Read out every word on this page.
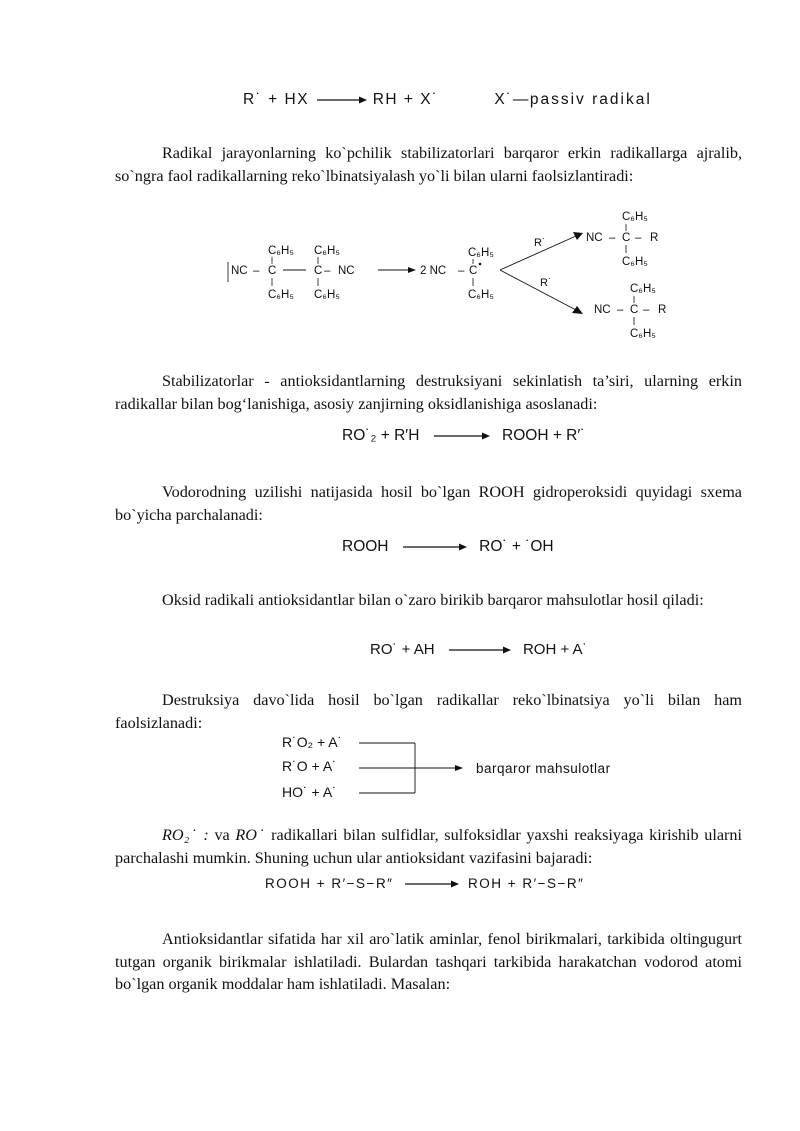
R˙ + HX → RH + X˙	X˙—passiv radikal

Radikal jarayonlarning ko`pchilik stabilizatorlari barqaror erkin radikallarga ajralib, so`ngra faol radikallarning reko`lbinatsiyalash yo`li bilan ularni faolsizlantiradi:

C₆H₅ C₆H₅
NC – C	C – NC
C₆H₅ C₆H₅
C₆H₅
2 NC – C
C₆H₅
R˙
R˙
C₆H₅
NC – C – R
C₆H₅
C₆H₅
NC – C – R
C₆H₅

Stabilizatorlar - antioksidantlarning destruksiyani sekinlatish ta’siri, ularning erkin radikallar bilan bog‘lanishiga, asosiy zanjirning oksidlanishiga asoslanadi:

RO˙₂ + R′H → ROOH + R′˙

Vodorodning uzilishi natijasida hosil bo`lgan ROOH gidroperoksidi quyidagi sxema bo`yicha parchalanadi:

ROOH	RO˙ + ˙OH

Oksid radikali antioksidantlar bilan o`zaro birikib barqaror mahsulotlar hosil qiladi:

RO˙ + AH	ROH + A˙

Destruksiya davo`lida hosil bo`lgan radikallar reko`lbinatsiya yo`li bilan ham faolsizlanadi:

R˙O₂ + A˙
R˙O + A˙
HO˙ + A˙
barqaror mahsulotlar

RO₂˙ : va RO˙ radikallari bilan sulfidlar, sulfoksidlar yaxshi reaksiyaga kirishib ularni parchalashi mumkin. Shuning uchun ular antioksidant vazifasini bajaradi:

ROOH + R′−S−R″	ROH + R′−S−R″

Antioksidantlar sifatida har xil aro`latik aminlar, fenol birikmalari, tarkibida oltingugurt tutgan organik birikmalar ishlatiladi. Bulardan tashqari tarkibida harakatchan vodorod atomi bo`lgan organik moddalar ham ishlatiladi. Masalan:
